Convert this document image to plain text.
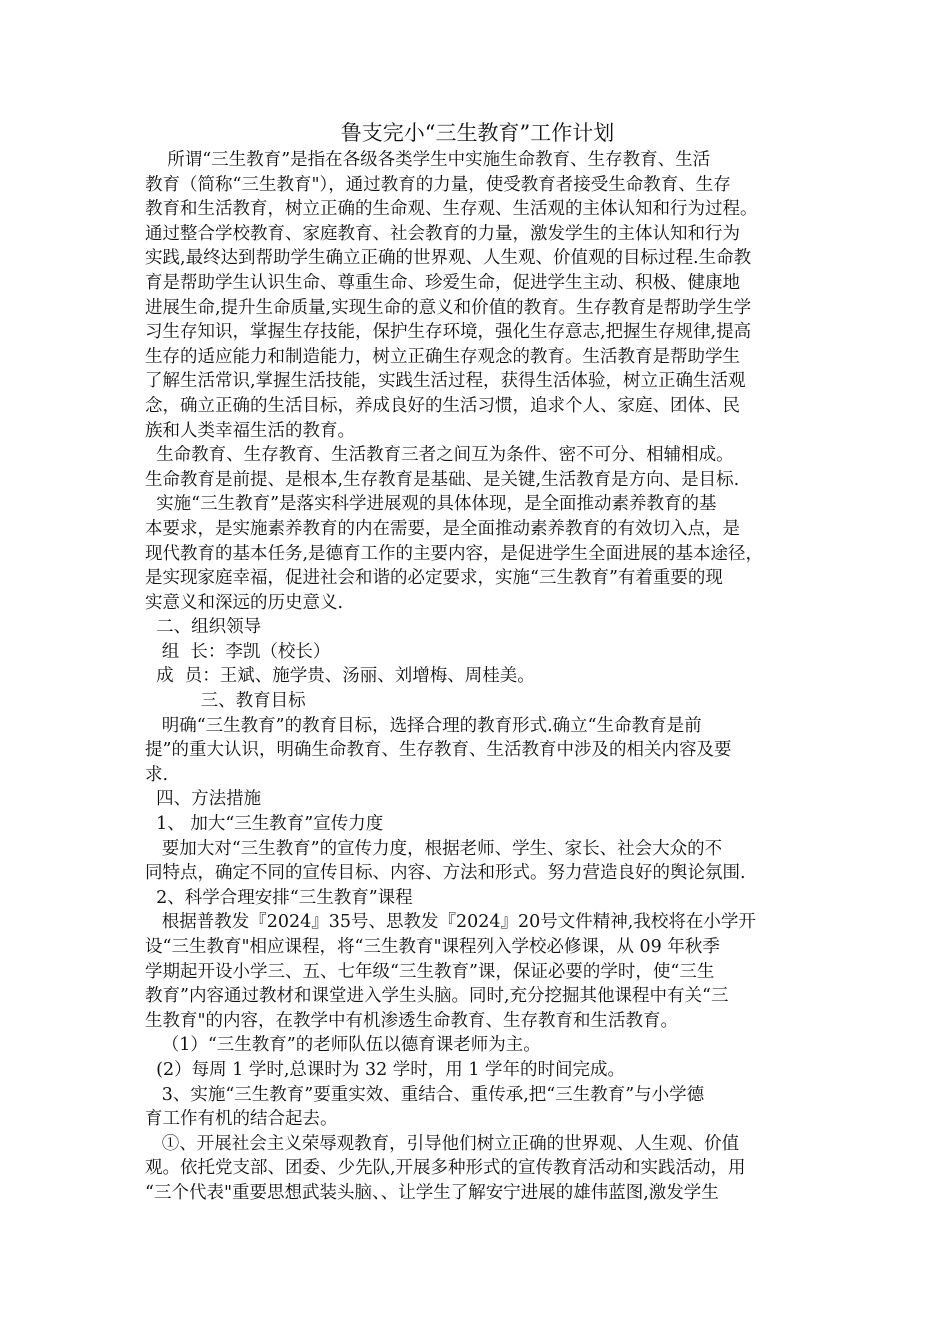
鲁支完小“三生教育”工作计划
所谓“三生教育”是指在各级各类学生中实施生命教育、生存教育、生活
教育（简称“三生教育"），通过教育的力量，使受教育者接受生命教育、生存
教育和生活教育，树立正确的生命观、生存观、生活观的主体认知和行为过程。
通过整合学校教育、家庭教育、社会教育的力量，激发学生的主体认知和行为
实践,最终达到帮助学生确立正确的世界观、人生观、价值观的目标过程.生命教
育是帮助学生认识生命、尊重生命、珍爱生命，促进学生主动、积极、健康地
进展生命,提升生命质量,实现生命的意义和价值的教育。生存教育是帮助学生学
习生存知识，掌握生存技能，保护生存环境，强化生存意志,把握生存规律,提高
生存的适应能力和制造能力，树立正确生存观念的教育。生活教育是帮助学生
了解生活常识,掌握生活技能，实践生活过程，获得生活体验，树立正确生活观
念，确立正确的生活目标，养成良好的生活习惯，追求个人、家庭、团体、民
族和人类幸福生活的教育。
生命教育、生存教育、生活教育三者之间互为条件、密不可分、相辅相成。
生命教育是前提、是根本,生存教育是基础、是关键,生活教育是方向、是目标.
实施“三生教育”是落实科学进展观的具体体现，是全面推动素养教育的基
本要求，是实施素养教育的内在需要，是全面推动素养教育的有效切入点，是
现代教育的基本任务,是德育工作的主要内容，是促进学生全面进展的基本途径，
是实现家庭幸福，促进社会和谐的必定要求，实施“三生教育”有着重要的现
实意义和深远的历史意义.
二、组织领导
组  长：李凯（校长）
成  员：王斌、施学贵、汤丽、刘增梅、周桂美。
三、教育目标
明确“三生教育”的教育目标，选择合理的教育形式.确立“生命教育是前
提”的重大认识，明确生命教育、生存教育、生活教育中涉及的相关内容及要
求.
四、方法措施
1、 加大“三生教育”宣传力度
要加大对“三生教育”的宣传力度，根据老师、学生、家长、社会大众的不
同特点，确定不同的宣传目标、内容、方法和形式。努力营造良好的舆论氛围.
2、科学合理安排“三生教育”课程
根据普教发『2024』35号、思教发『2024』20号文件精神,我校将在小学开
设“三生教育"相应课程，将“三生教育"课程列入学校必修课，从 09 年秋季
学期起开设小学三、五、七年级“三生教育”课，保证必要的学时，使“三生
教育”内容通过教材和课堂进入学生头脑。同时,充分挖掘其他课程中有关“三
生教育"的内容，在教学中有机渗透生命教育、生存教育和生活教育。
（1）“三生教育”的老师队伍以德育课老师为主。
(2）每周 1 学时,总课时为 32 学时，用 1 学年的时间完成。
3、实施“三生教育”要重实效、重结合、重传承,把“三生教育”与小学德
育工作有机的结合起去。
①、开展社会主义荣辱观教育，引导他们树立正确的世界观、人生观、价值
观。依托党支部、团委、少先队,开展多种形式的宣传教育活动和实践活动，用
“三个代表"重要思想武装头脑、、让学生了解安宁进展的雄伟蓝图,激发学生
